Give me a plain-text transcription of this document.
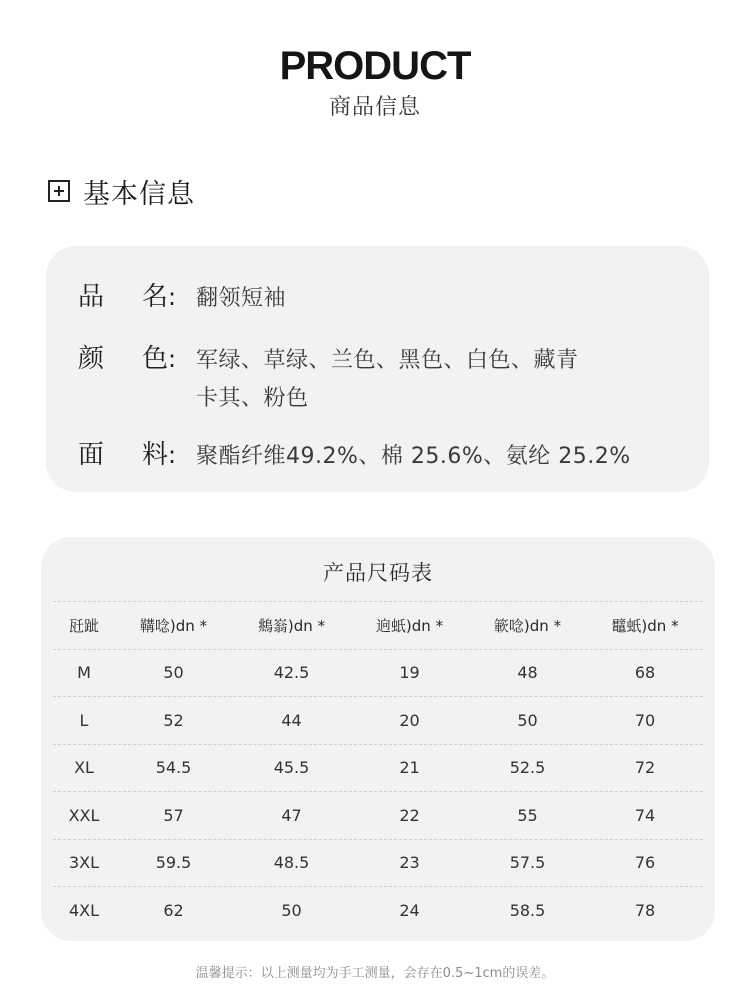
PRODUCT
商品信息
基本信息
品 名 : 翻领短袖
颜 色 : 军绿、草绿、兰色、黑色、白色、藏青
卡其、粉色
面 料 : 聚酯纤维49.2%、棉 25.6%、氨纶 25.2%
产品尺码表
瓩跐	鞲唸)dn *	鴵嵡)dn *	逈蚔)dn *	簐唸)dn *	鼊蚔)dn *
M	50	42.5	19	48	68
L	52	44	20	50	70
XL	54.5	45.5	21	52.5	72
XXL	57	47	22	55	74
3XL	59.5	48.5	23	57.5	76
4XL	62	50	24	58.5	78
温馨提示：以上测量均为手工测量，会存在0.5~1cm的误差。
